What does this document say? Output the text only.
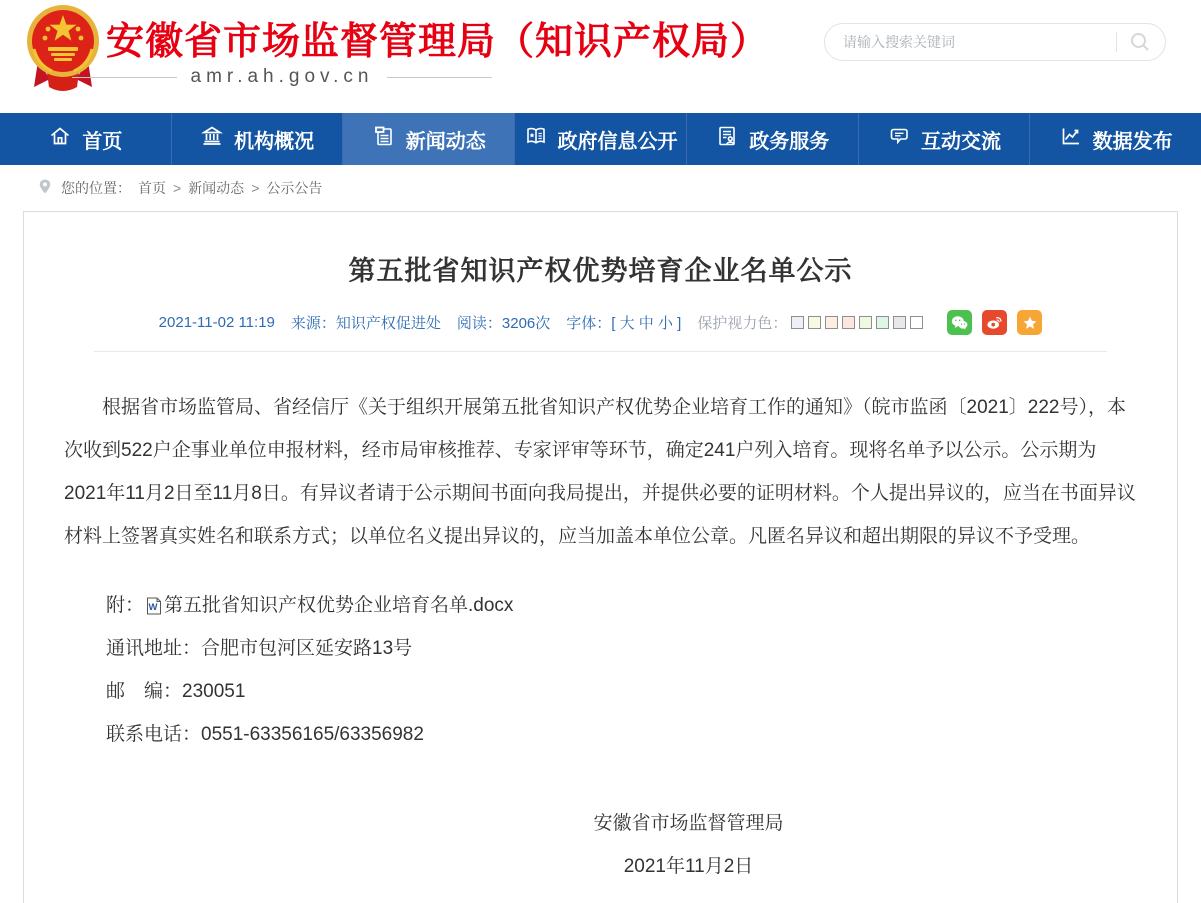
安徽省市场监督管理局（知识产权局）
amr.ah.gov.cn
请输入搜索关键词
首页	机构概况	新闻动态	政府信息公开	政务服务	互动交流	数据发布
您的位置： 首页 > 新闻动态 > 公示公告
第五批省知识产权优势培育企业名单公示
2021-11-02 11:19 来源：知识产权促进处 阅读：3206次 字体：[ 大 中 小 ] 保护视力色：

根据省市场监管局、省经信厅《关于组织开展第五批省知识产权优势企业培育工作的通知》（皖市监函〔2021〕222号），本次收到522户企事业单位申报材料，经市局审核推荐、专家评审等环节，确定241户列入培育。现将名单予以公示。公示期为2021年11月2日至11月8日。有异议者请于公示期间书面向我局提出，并提供必要的证明材料。个人提出异议的，应当在书面异议材料上签署真实姓名和联系方式；以单位名义提出异议的，应当加盖本单位公章。凡匿名异议和超出期限的异议不予受理。

附： W 第五批省知识产权优势企业培育名单.docx
通讯地址：合肥市包河区延安路13号
邮　编：230051
联系电话：0551-63356165/63356982
安徽省市场监督管理局
2021年11月2日
